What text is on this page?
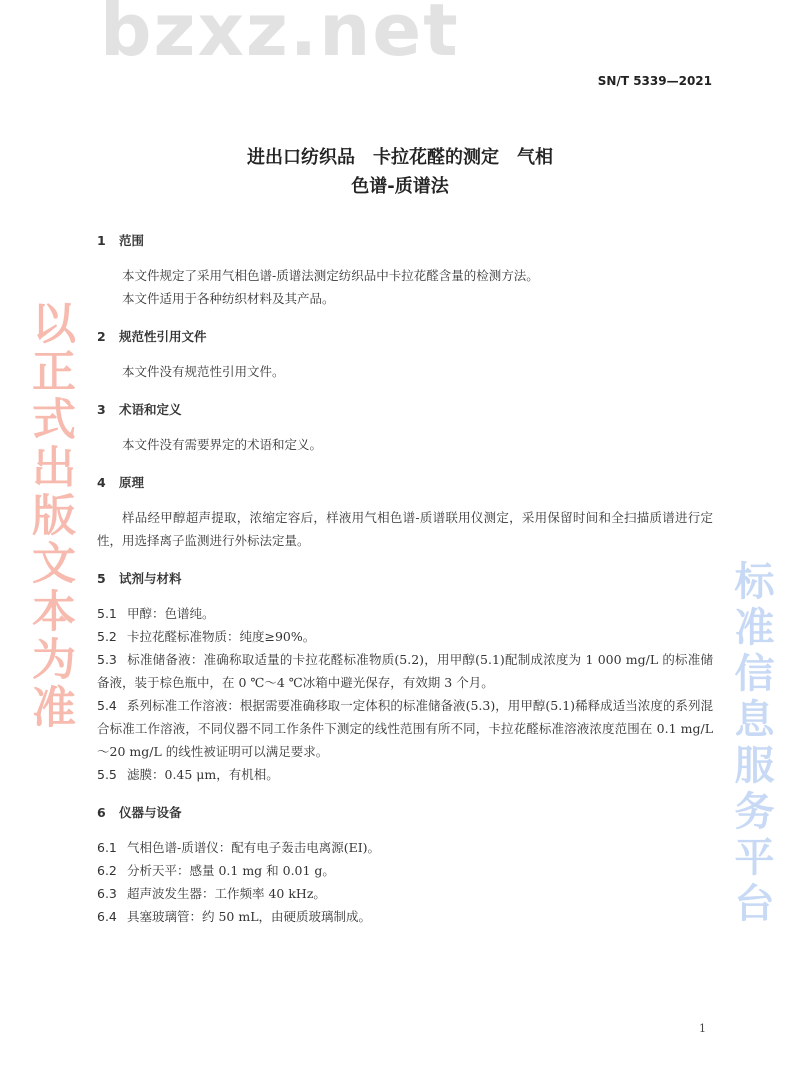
bzxz.net
SN/T 5339—2021
进出口纺织品　卡拉花醛的测定　气相
色谱-质谱法
1 范围

本文件规定了采用气相色谱-质谱法测定纺织品中卡拉花醛含量的检测方法。

本文件适用于各种纺织材料及其产品。

2 规范性引用文件

本文件没有规范性引用文件。

3 术语和定义

本文件没有需要界定的术语和定义。

4 原理

样品经甲醇超声提取，浓缩定容后，样液用气相色谱-质谱联用仪测定，采用保留时间和全扫描质谱进行定性，用选择离子监测进行外标法定量。

5 试剂与材料

5.1 甲醇：色谱纯。

5.2 卡拉花醛标准物质：纯度≥90%。

5.3 标准储备液：准确称取适量的卡拉花醛标准物质(5.2)，用甲醇(5.1)配制成浓度为 1 000 mg/L 的标准储备液，装于棕色瓶中，在 0 ℃～4 ℃冰箱中避光保存，有效期 3 个月。

5.4 系列标准工作溶液：根据需要准确移取一定体积的标准储备液(5.3)，用甲醇(5.1)稀释成适当浓度的系列混合标准工作溶液，不同仪器不同工作条件下测定的线性范围有所不同，卡拉花醛标准溶液浓度范围在 0.1 mg/L～20 mg/L 的线性被证明可以满足要求。

5.5 滤膜：0.45 μm，有机相。

6 仪器与设备

6.1 气相色谱-质谱仪：配有电子轰击电离源(EI)。

6.2 分析天平：感量 0.1 mg 和 0.01 g。

6.3 超声波发生器：工作频率 40 kHz。

6.4 具塞玻璃管：约 50 mL，由硬质玻璃制成。

以正式出版文本为准
标准信息服务平台
1
